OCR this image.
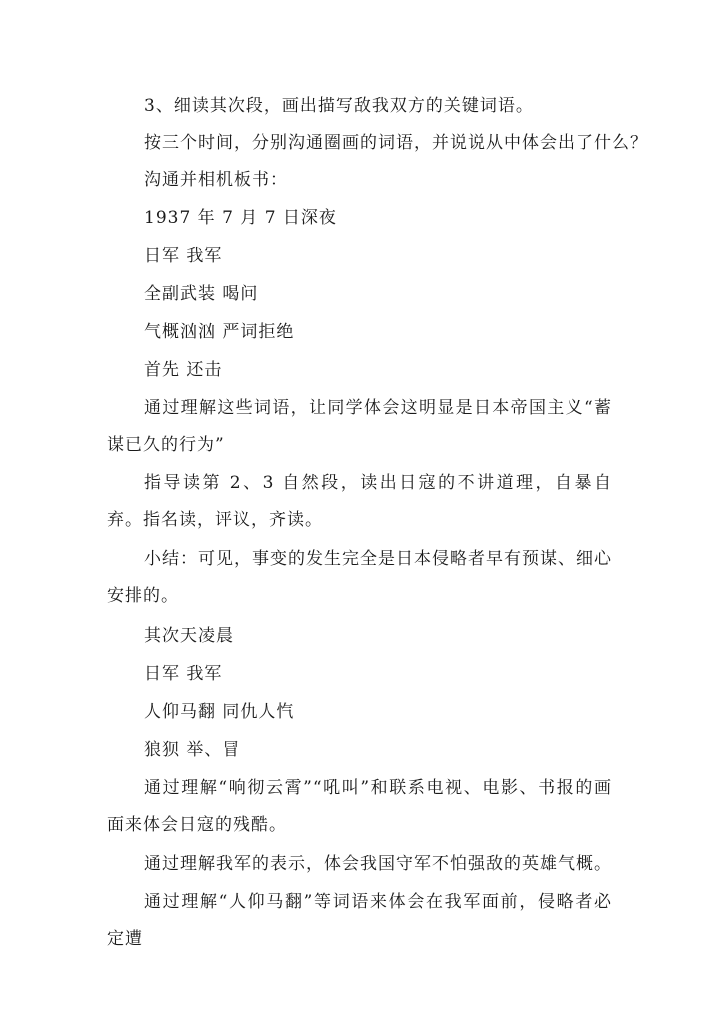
3、细读其次段，画出描写敌我双方的关键词语。
按三个时间，分别沟通圈画的词语，并说说从中体会出了什么？
沟通并相机板书：
1937 年 7 月 7 日深夜
日军 我军
全副武装 喝问
气概汹汹 严词拒绝
首先 还击
通过理解这些词语，让同学体会这明显是日本帝国主义“蓄谋已久的行为”
指导读第 2、3 自然段，读出日寇的不讲道理，自暴自弃。指名读，评议，齐读。
小结：可见，事变的发生完全是日本侵略者早有预谋、细心安排的。
其次天凌晨
日军 我军
人仰马翻 同仇人忾
狼狈 举、冒
通过理解“响彻云霄”“吼叫”和联系电视、电影、书报的画面来体会日寇的残酷。
通过理解我军的表示，体会我国守军不怕强敌的英雄气概。
通过理解“人仰马翻”等词语来体会在我军面前，侵略者必定遭
